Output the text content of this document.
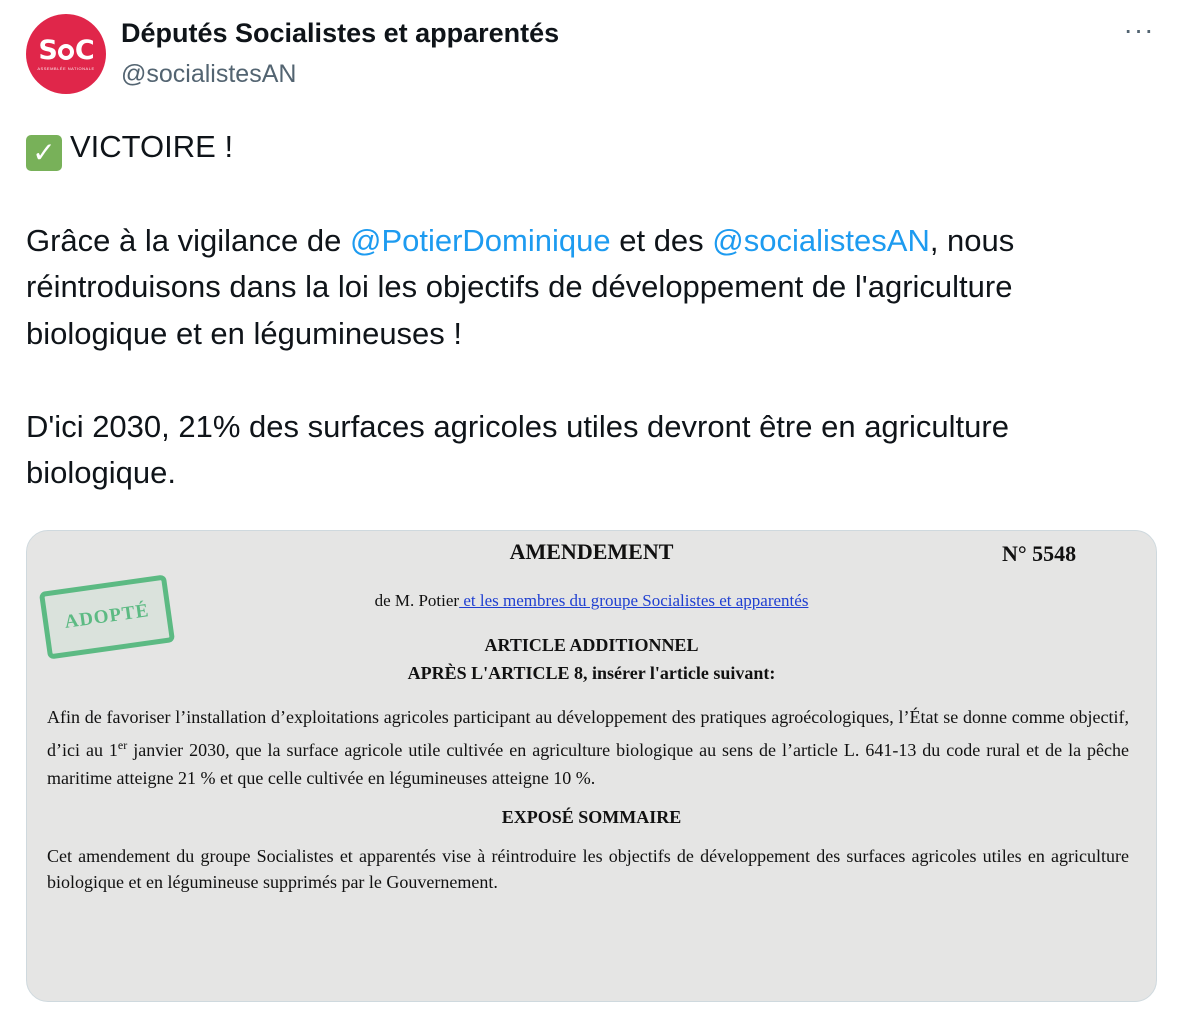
S C
ASSEMBLÉE NATIONALE
Députés Socialistes et apparentés
@socialistesAN
···

✓ VICTOIRE !

Grâce à la vigilance de @PotierDominique et des @socialistesAN, nous réintroduisons dans la loi les objectifs de développement de l'agriculture biologique et en légumineuses !

D'ici 2030, 21% des surfaces agricoles utiles devront être en agriculture biologique.

AMENDEMENT	N° 5548
ADOPTÉ	de M. Potier et les membres du groupe Socialistes et apparentés
ARTICLE ADDITIONNEL
APRÈS L'ARTICLE 8, insérer l'article suivant:
Afin de favoriser l’installation d’exploitations agricoles participant au développement des pratiques agroécologiques, l’État se donne comme objectif, d’ici au 1er janvier 2030, que la surface agricole utile cultivée en agriculture biologique au sens de l’article L. 641-13 du code rural et de la pêche maritime atteigne 21 % et que celle cultivée en légumineuses atteigne 10 %.
EXPOSÉ SOMMAIRE
Cet amendement du groupe Socialistes et apparentés vise à réintroduire les objectifs de développement des surfaces agricoles utiles en agriculture biologique et en légumineuse supprimés par le Gouvernement.
